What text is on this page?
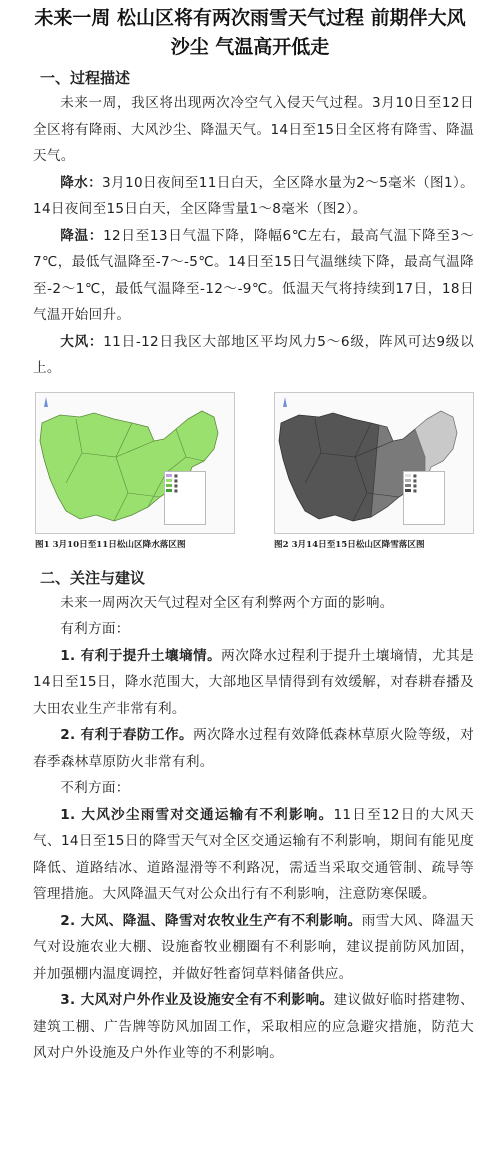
未来一周 松山区将有两次雨雪天气过程 前期伴大风
沙尘 气温高开低走
一、过程描述
未来一周，我区将出现两次冷空气入侵天气过程。3月10日至12日全区将有降雨、大风沙尘、降温天气。14日至15日全区将有降雪、降温天气。
降水：3月10日夜间至11日白天，全区降水量为2～5毫米（图1）。14日夜间至15日白天，全区降雪量1～8毫米（图2）。
降温：12日至13日气温下降，降幅6℃左右，最高气温下降至3～7℃，最低气温降至-7～-5℃。14日至15日气温继续下降，最高气温降至-2～1℃，最低气温降至-12～-9℃。低温天气将持续到17日，18日气温开始回升。
大风：11日-12日我区大部地区平均风力5～6级，阵风可达9级以上。
■
■
■
■
图1 3月10日至11日松山区降水落区图
■
■
■
■
图2 3月14日至15日松山区降雪落区图
二、关注与建议
未来一周两次天气过程对全区有利弊两个方面的影响。
有利方面：
1. 有利于提升土壤墒情。两次降水过程利于提升土壤墒情，尤其是14日至15日，降水范围大，大部地区旱情得到有效缓解，对春耕春播及大田农业生产非常有利。
2. 有利于春防工作。两次降水过程有效降低森林草原火险等级，对春季森林草原防火非常有利。
不利方面：
1. 大风沙尘雨雪对交通运输有不利影响。11日至12日的大风天气、14日至15日的降雪天气对全区交通运输有不利影响，期间有能见度降低、道路结冰、道路湿滑等不利路况，需适当采取交通管制、疏导等管理措施。大风降温天气对公众出行有不利影响，注意防寒保暖。
2. 大风、降温、降雪对农牧业生产有不利影响。雨雪大风、降温天气对设施农业大棚、设施畜牧业棚圈有不利影响，建议提前防风加固，并加强棚内温度调控，并做好牲畜饲草料储备供应。
3. 大风对户外作业及设施安全有不利影响。建议做好临时搭建物、建筑工棚、广告牌等防风加固工作，采取相应的应急避灾措施，防范大风对户外设施及户外作业等的不利影响。
